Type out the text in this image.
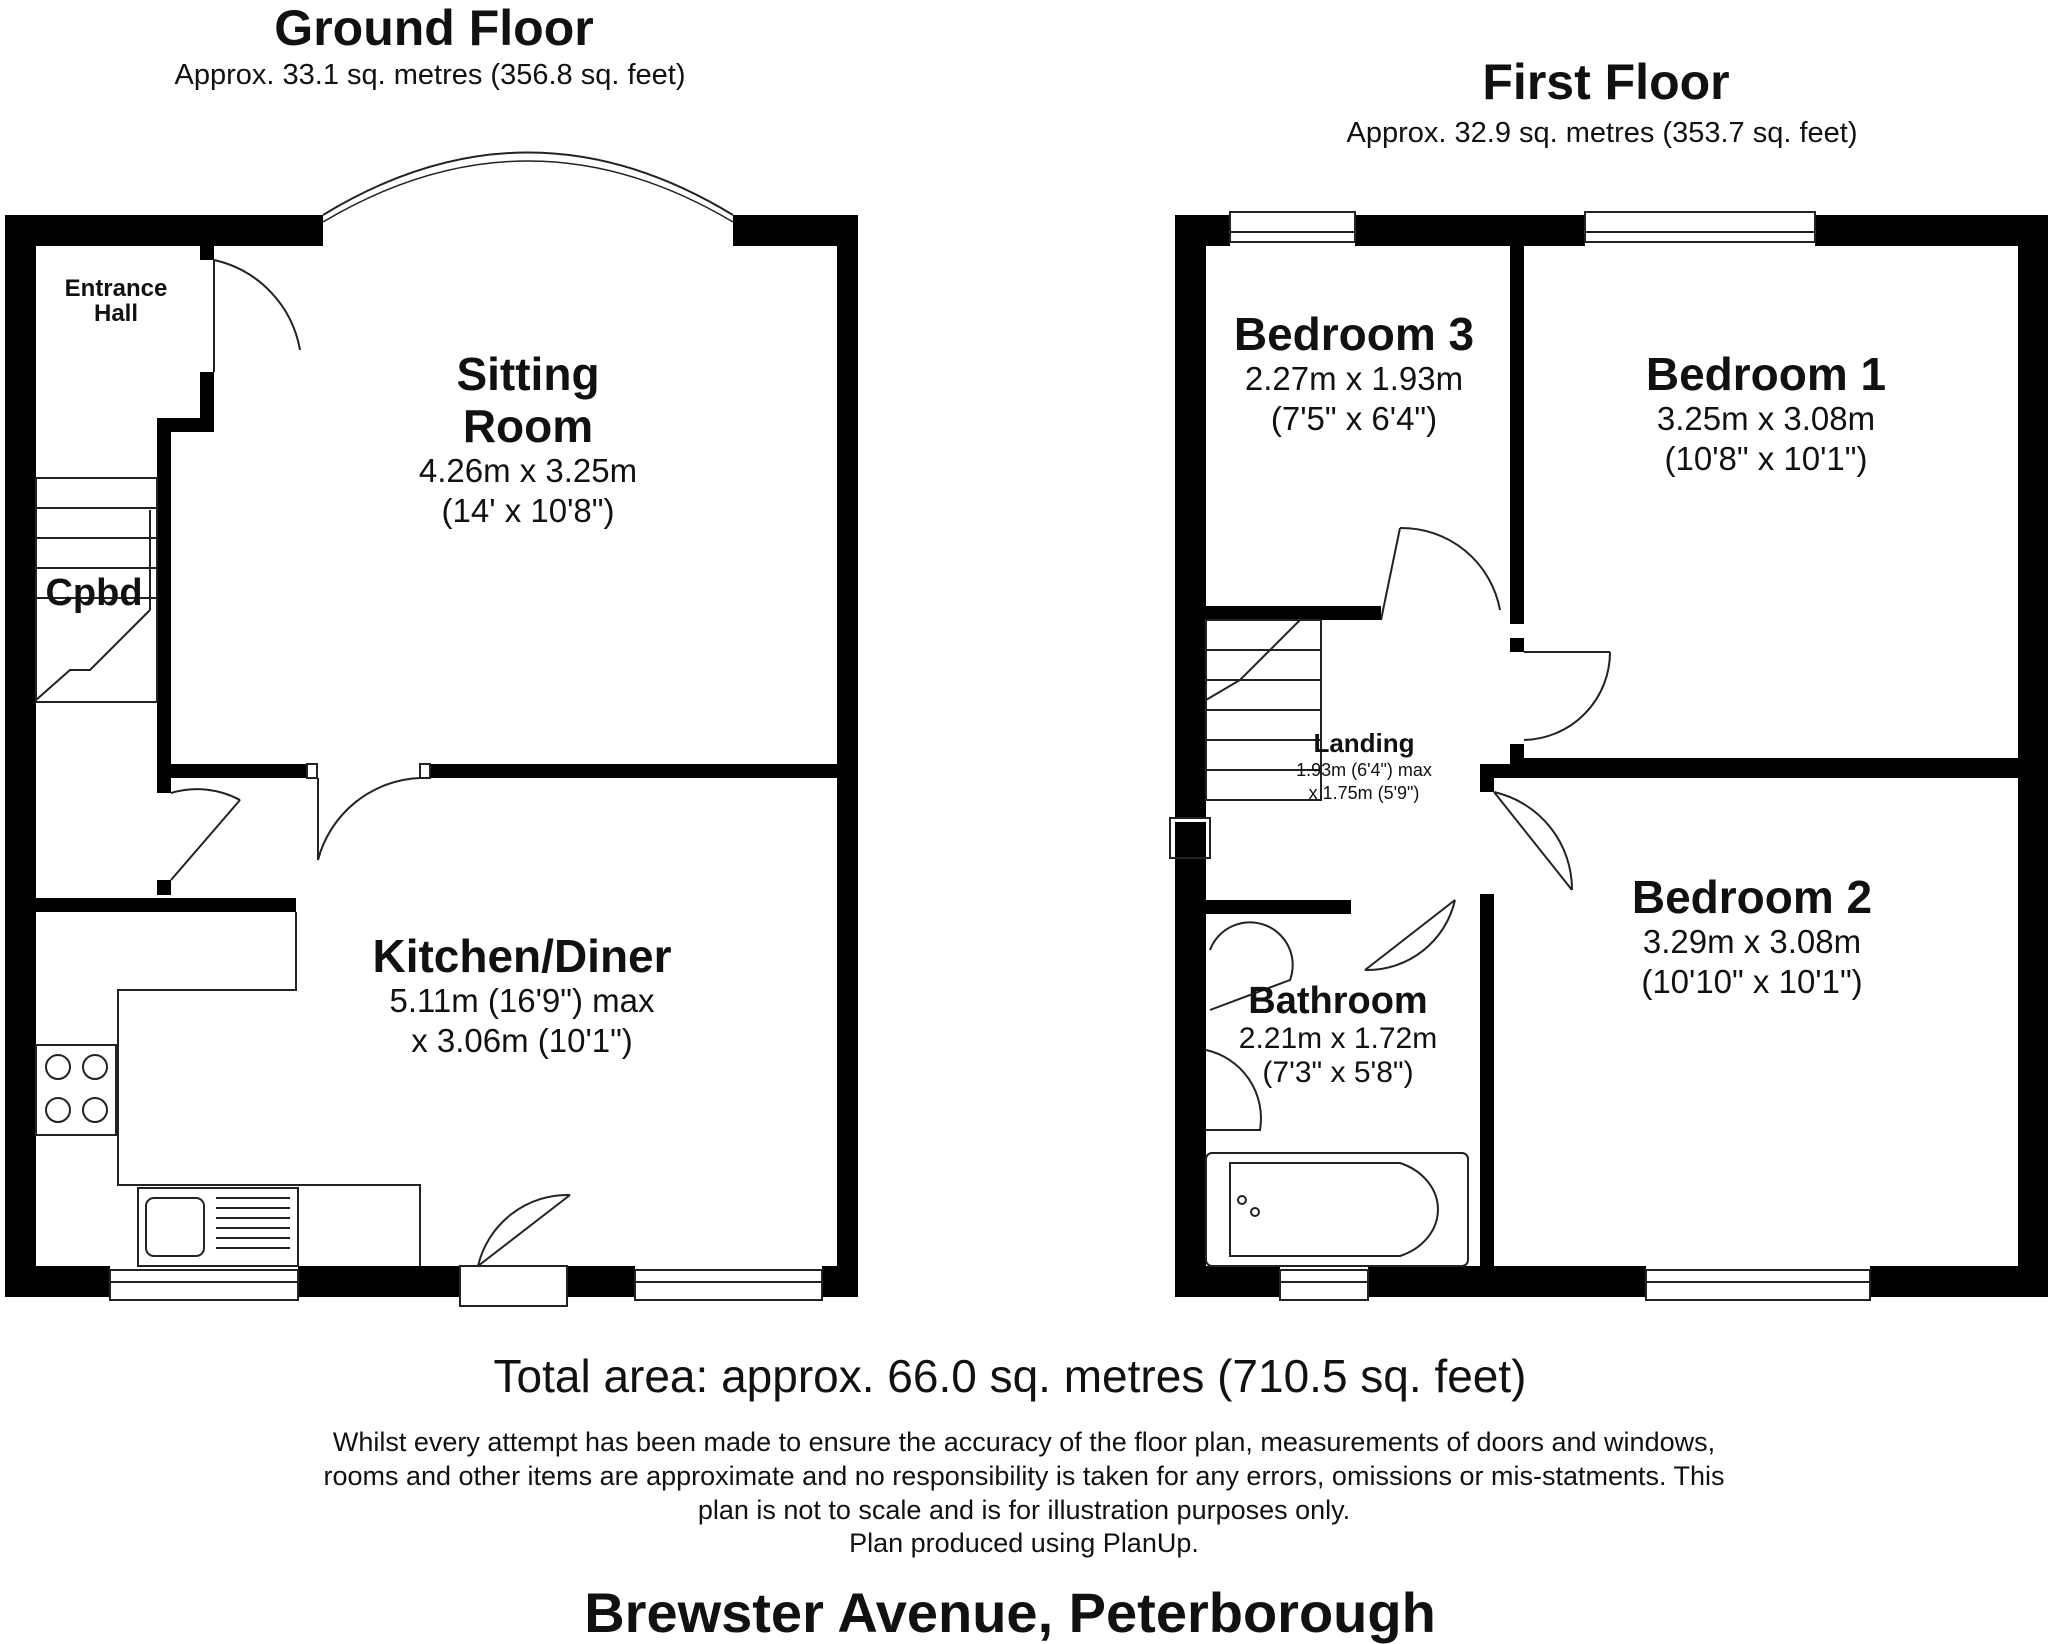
Ground Floor
Approx. 33.1 sq. metres (356.8 sq. feet)
Entrance
Hall
Cpbd
Sitting
Room
4.26m x 3.25m
(14' x 10'8")
Kitchen/Diner
5.11m (16'9") max
x 3.06m (10'1")
First Floor
Approx. 32.9 sq. metres (353.7 sq. feet)
Bedroom 3
2.27m x 1.93m
(7'5" x 6'4")
Bedroom 1
3.25m x 3.08m
(10'8" x 10'1")
Landing
1.93m (6'4") max
x 1.75m (5'9")
Bedroom 2
3.29m x 3.08m
(10'10" x 10'1")
Bathroom
2.21m x 1.72m
(7'3" x 5'8")
Total area: approx. 66.0 sq. metres (710.5 sq. feet)
Whilst every attempt has been made to ensure the accuracy of the floor plan, measurements of doors and windows,
rooms and other items are approximate and no responsibility is taken for any errors, omissions or mis-statments. This
plan is not to scale and is for illustration purposes only.
Plan produced using PlanUp.
Brewster Avenue, Peterborough
